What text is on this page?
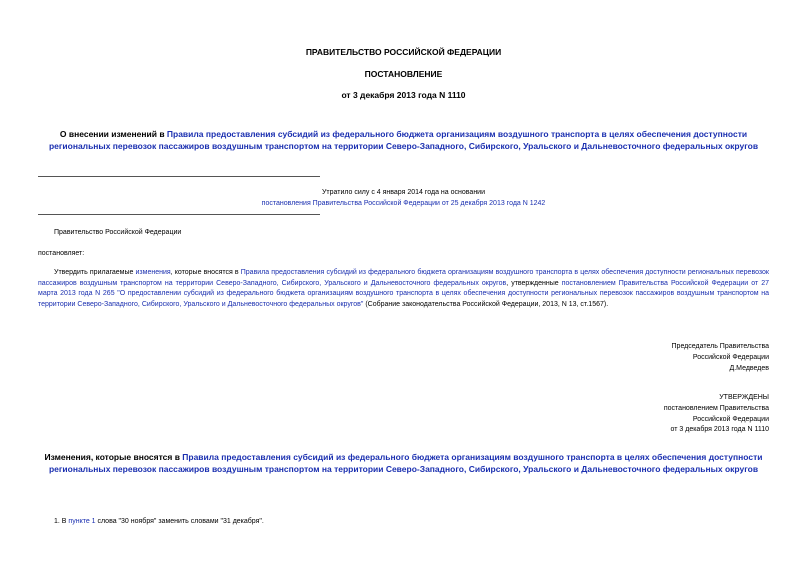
ПРАВИТЕЛЬСТВО РОССИЙСКОЙ ФЕДЕРАЦИИ
ПОСТАНОВЛЕНИЕ
от 3 декабря 2013 года N 1110
О внесении изменений в Правила предоставления субсидий из федерального бюджета организациям воздушного транспорта в целях обеспечения доступности региональных перевозок пассажиров воздушным транспортом на территории Северо-Западного, Сибирского, Уральского и Дальневосточного федеральных округов
Утратило силу с 4 января 2014 года на основании
постановления Правительства Российской Федерации от 25 декабря 2013 года N 1242
Правительство Российской Федерации
постановляет:
Утвердить прилагаемые изменения, которые вносятся в Правила предоставления субсидий из федерального бюджета организациям воздушного транспорта в целях обеспечения доступности региональных перевозок пассажиров воздушным транспортом на территории Северо-Западного, Сибирского, Уральского и Дальневосточного федеральных округов, утвержденные постановлением Правительства Российской Федерации от 27 марта 2013 года N 265 "О предоставлении субсидий из федерального бюджета организациям воздушного транспорта в целях обеспечения доступности региональных перевозок пассажиров воздушным транспортом на территории Северо-Западного, Сибирского, Уральского и Дальневосточного федеральных округов" (Собрание законодательства Российской Федерации, 2013, N 13, ст.1567).
Председатель Правительства
Российской Федерации
Д.Медведев
УТВЕРЖДЕНЫ
постановлением Правительства
Российской Федерации
от 3 декабря 2013 года N 1110
Изменения, которые вносятся в Правила предоставления субсидий из федерального бюджета организациям воздушного транспорта в целях обеспечения доступности региональных перевозок пассажиров воздушным транспортом на территории Северо-Западного, Сибирского, Уральского и Дальневосточного федеральных округов
1. В пункте 1 слова "30 ноября" заменить словами "31 декабря".
